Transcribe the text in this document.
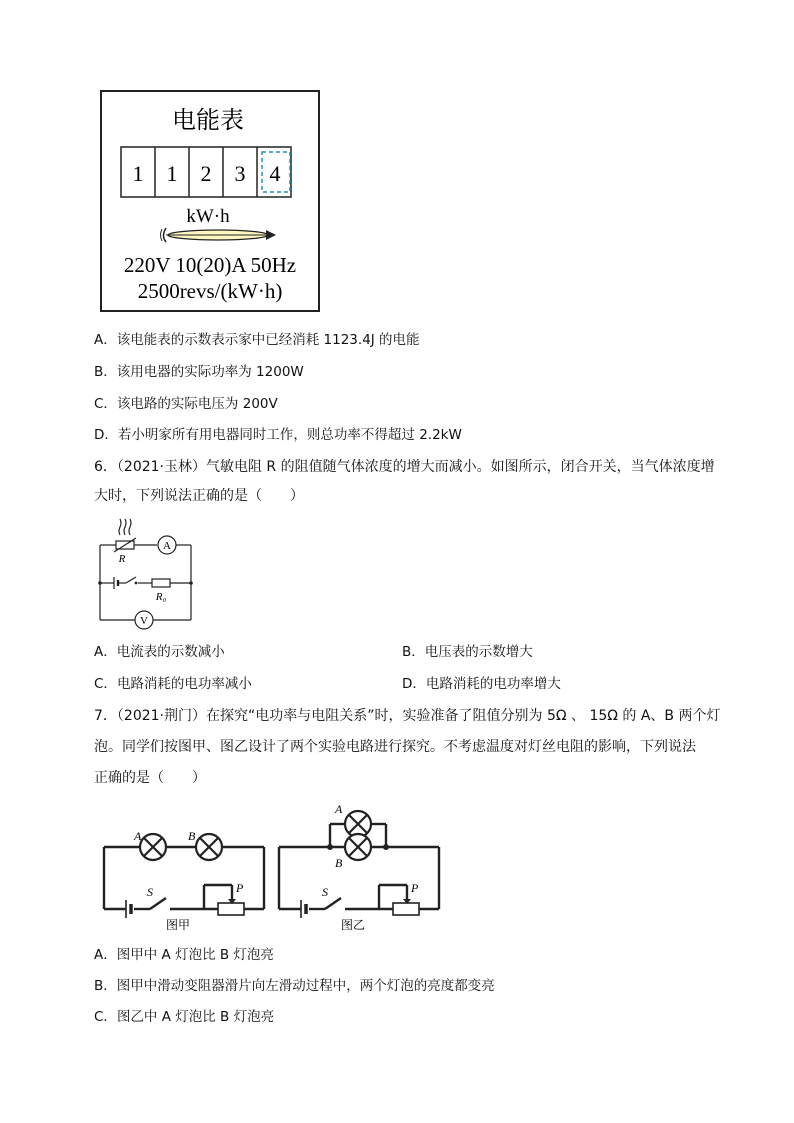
电能表
1 1 2 3 4
kW·h
220V 10(20)A 50Hz
2500revs/(kW·h)
A．该电能表的示数表示家中已经消耗 1123.4J 的电能
B．该用电器的实际功率为 1200W
C．该电路的实际电压为 200V
D．若小明家所有用电器同时工作，则总功率不得超过 2.2kW
6．（2021·玉林）气敏电阻 R 的阻值随气体浓度的增大而减小。如图所示，闭合开关，当气体浓度增
大时，下列说法正确的是（　　）
R
A
R₀
V
A．电流表的示数减小	B．电压表的示数增大
C．电路消耗的电功率减小	D．电路消耗的电功率增大
7．（2021·荆门）在探究“电功率与电阻关系”时，实验准备了阻值分别为 5Ω 、 15Ω 的 A、B 两个灯
泡。同学们按图甲、图乙设计了两个实验电路进行探究。不考虑温度对灯丝电阻的影响，下列说法
正确的是（　　）
A	B
S	P
图甲
A
B
S	P
图乙
A．图甲中 A 灯泡比 B 灯泡亮
B．图甲中滑动变阻器滑片向左滑动过程中，两个灯泡的亮度都变亮
C．图乙中 A 灯泡比 B 灯泡亮
